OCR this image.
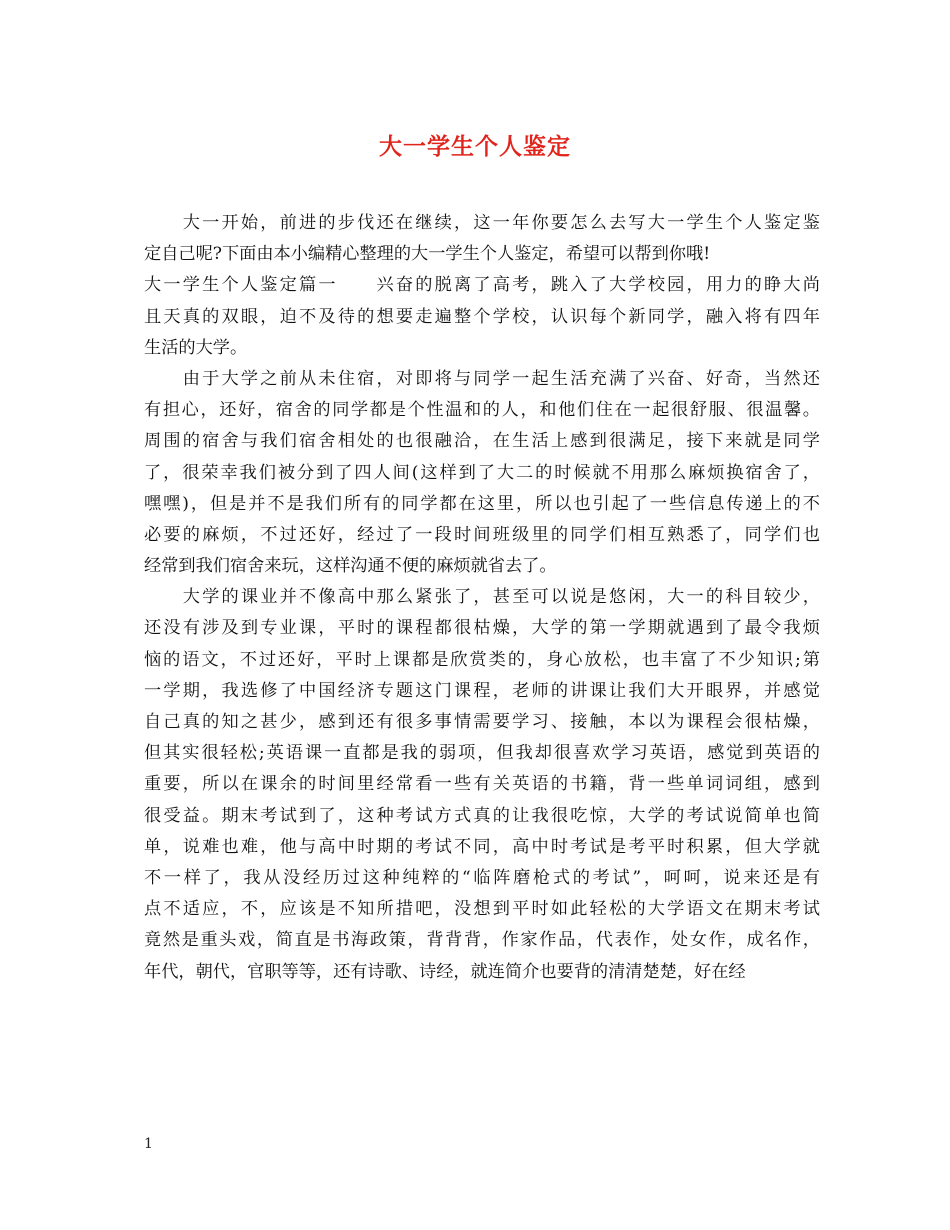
大一学生个人鉴定
　　大一开始，前进的步伐还在继续，这一年你要怎么去写大一学生个人鉴定鉴
定自己呢?下面由本小编精心整理的大一学生个人鉴定，希望可以帮到你哦!
大一学生个人鉴定篇一　　兴奋的脱离了高考，跳入了大学校园，用力的睁大尚
且天真的双眼，迫不及待的想要走遍整个学校，认识每个新同学，融入将有四年
生活的大学。
　　由于大学之前从未住宿，对即将与同学一起生活充满了兴奋、好奇，当然还
有担心，还好，宿舍的同学都是个性温和的人，和他们住在一起很舒服、很温馨。
周围的宿舍与我们宿舍相处的也很融洽，在生活上感到很满足，接下来就是同学
了，很荣幸我们被分到了四人间(这样到了大二的时候就不用那么麻烦换宿舍了，
嘿嘿)，但是并不是我们所有的同学都在这里，所以也引起了一些信息传递上的不
必要的麻烦，不过还好，经过了一段时间班级里的同学们相互熟悉了，同学们也
经常到我们宿舍来玩，这样沟通不便的麻烦就省去了。
　　大学的课业并不像高中那么紧张了，甚至可以说是悠闲，大一的科目较少，
还没有涉及到专业课，平时的课程都很枯燥，大学的第一学期就遇到了最令我烦
恼的语文，不过还好，平时上课都是欣赏类的，身心放松，也丰富了不少知识;第
一学期，我选修了中国经济专题这门课程，老师的讲课让我们大开眼界，并感觉
自己真的知之甚少，感到还有很多事情需要学习、接触，本以为课程会很枯燥，
但其实很轻松;英语课一直都是我的弱项，但我却很喜欢学习英语，感觉到英语的
重要，所以在课余的时间里经常看一些有关英语的书籍，背一些单词词组，感到
很受益。期末考试到了，这种考试方式真的让我很吃惊，大学的考试说简单也简
单，说难也难，他与高中时期的考试不同，高中时考试是考平时积累，但大学就
不一样了，我从没经历过这种纯粹的“临阵磨枪式的考试”，呵呵，说来还是有
点不适应，不，应该是不知所措吧，没想到平时如此轻松的大学语文在期末考试
竟然是重头戏，简直是书海政策，背背背，作家作品，代表作，处女作，成名作，
年代，朝代，官职等等，还有诗歌、诗经，就连简介也要背的清清楚楚，好在经
1
